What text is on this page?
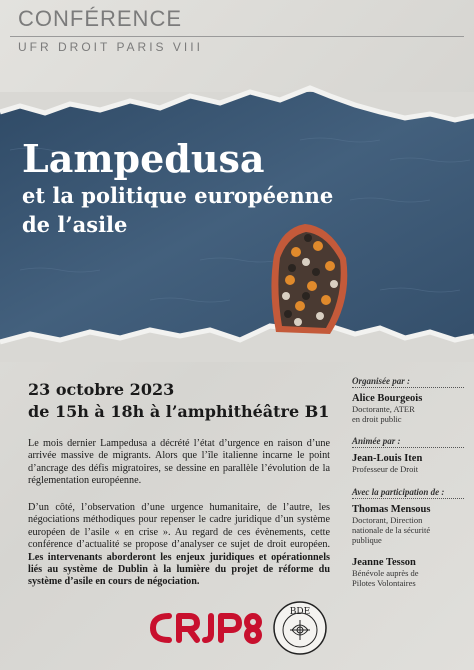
CONFÉRENCE
UFR DROIT PARIS VIII
Lampedusa
et la politique européenne
de l’asile
23 octobre 2023
de 15h à 18h à l’amphithéâtre B1
Le mois dernier Lampedusa a décrété l’état d’urgence en raison d’une arrivée massive de migrants. Alors que l’île italienne incarne le point d’ancrage des défis migratoires, se dessine en parallèle l’évolution de la réglementation européenne.
D’un côté, l’observation d’une urgence humanitaire, de l’autre, les négociations méthodiques pour repenser le cadre juridique d’un système européen de l’asile « en crise ». Au regard de ces évènements, cette conférence d’actualité se propose d’analyser ce sujet de droit européen. Les intervenants aborderont les enjeux juridiques et opérationnels liés au système de Dublin à la lumière du projet de réforme du système d’asile en cours de négociation.
Organisée par :
Alice Bourgeois
Doctorante, ATER
en droit public
Animée par :
Jean-Louis Iten
Professeur de Droit
Avec la participation de :
Thomas Mensous
Doctorant, Direction
nationale de la sécurité
publique
Jeanne Tesson
Bénévole auprès de
Pilotes Volontaires
BDE
